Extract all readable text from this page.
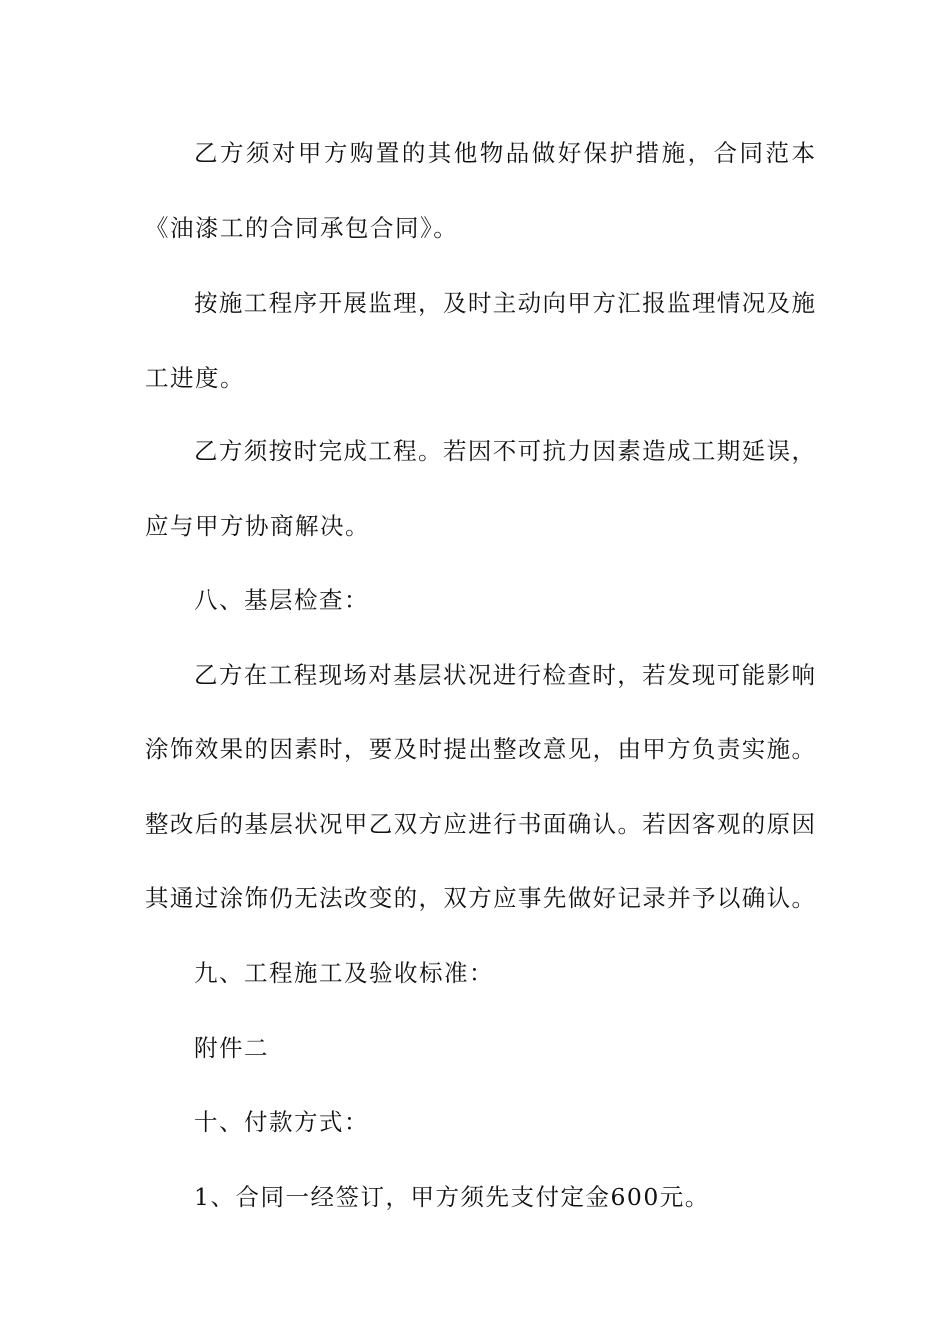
乙方须对甲方购置的其他物品做好保护措施，合同范本
《油漆工的合同承包合同》。
按施工程序开展监理，及时主动向甲方汇报监理情况及施
工进度。
乙方须按时完成工程。若因不可抗力因素造成工期延误，
应与甲方协商解决。
八、基层检查：
乙方在工程现场对基层状况进行检查时，若发现可能影响
涂饰效果的因素时，要及时提出整改意见，由甲方负责实施。
整改后的基层状况甲乙双方应进行书面确认。若因客观的原因
其通过涂饰仍无法改变的，双方应事先做好记录并予以确认。
九、工程施工及验收标准：
附件二
十、付款方式：
1、合同一经签订，甲方须先支付定金600元。
